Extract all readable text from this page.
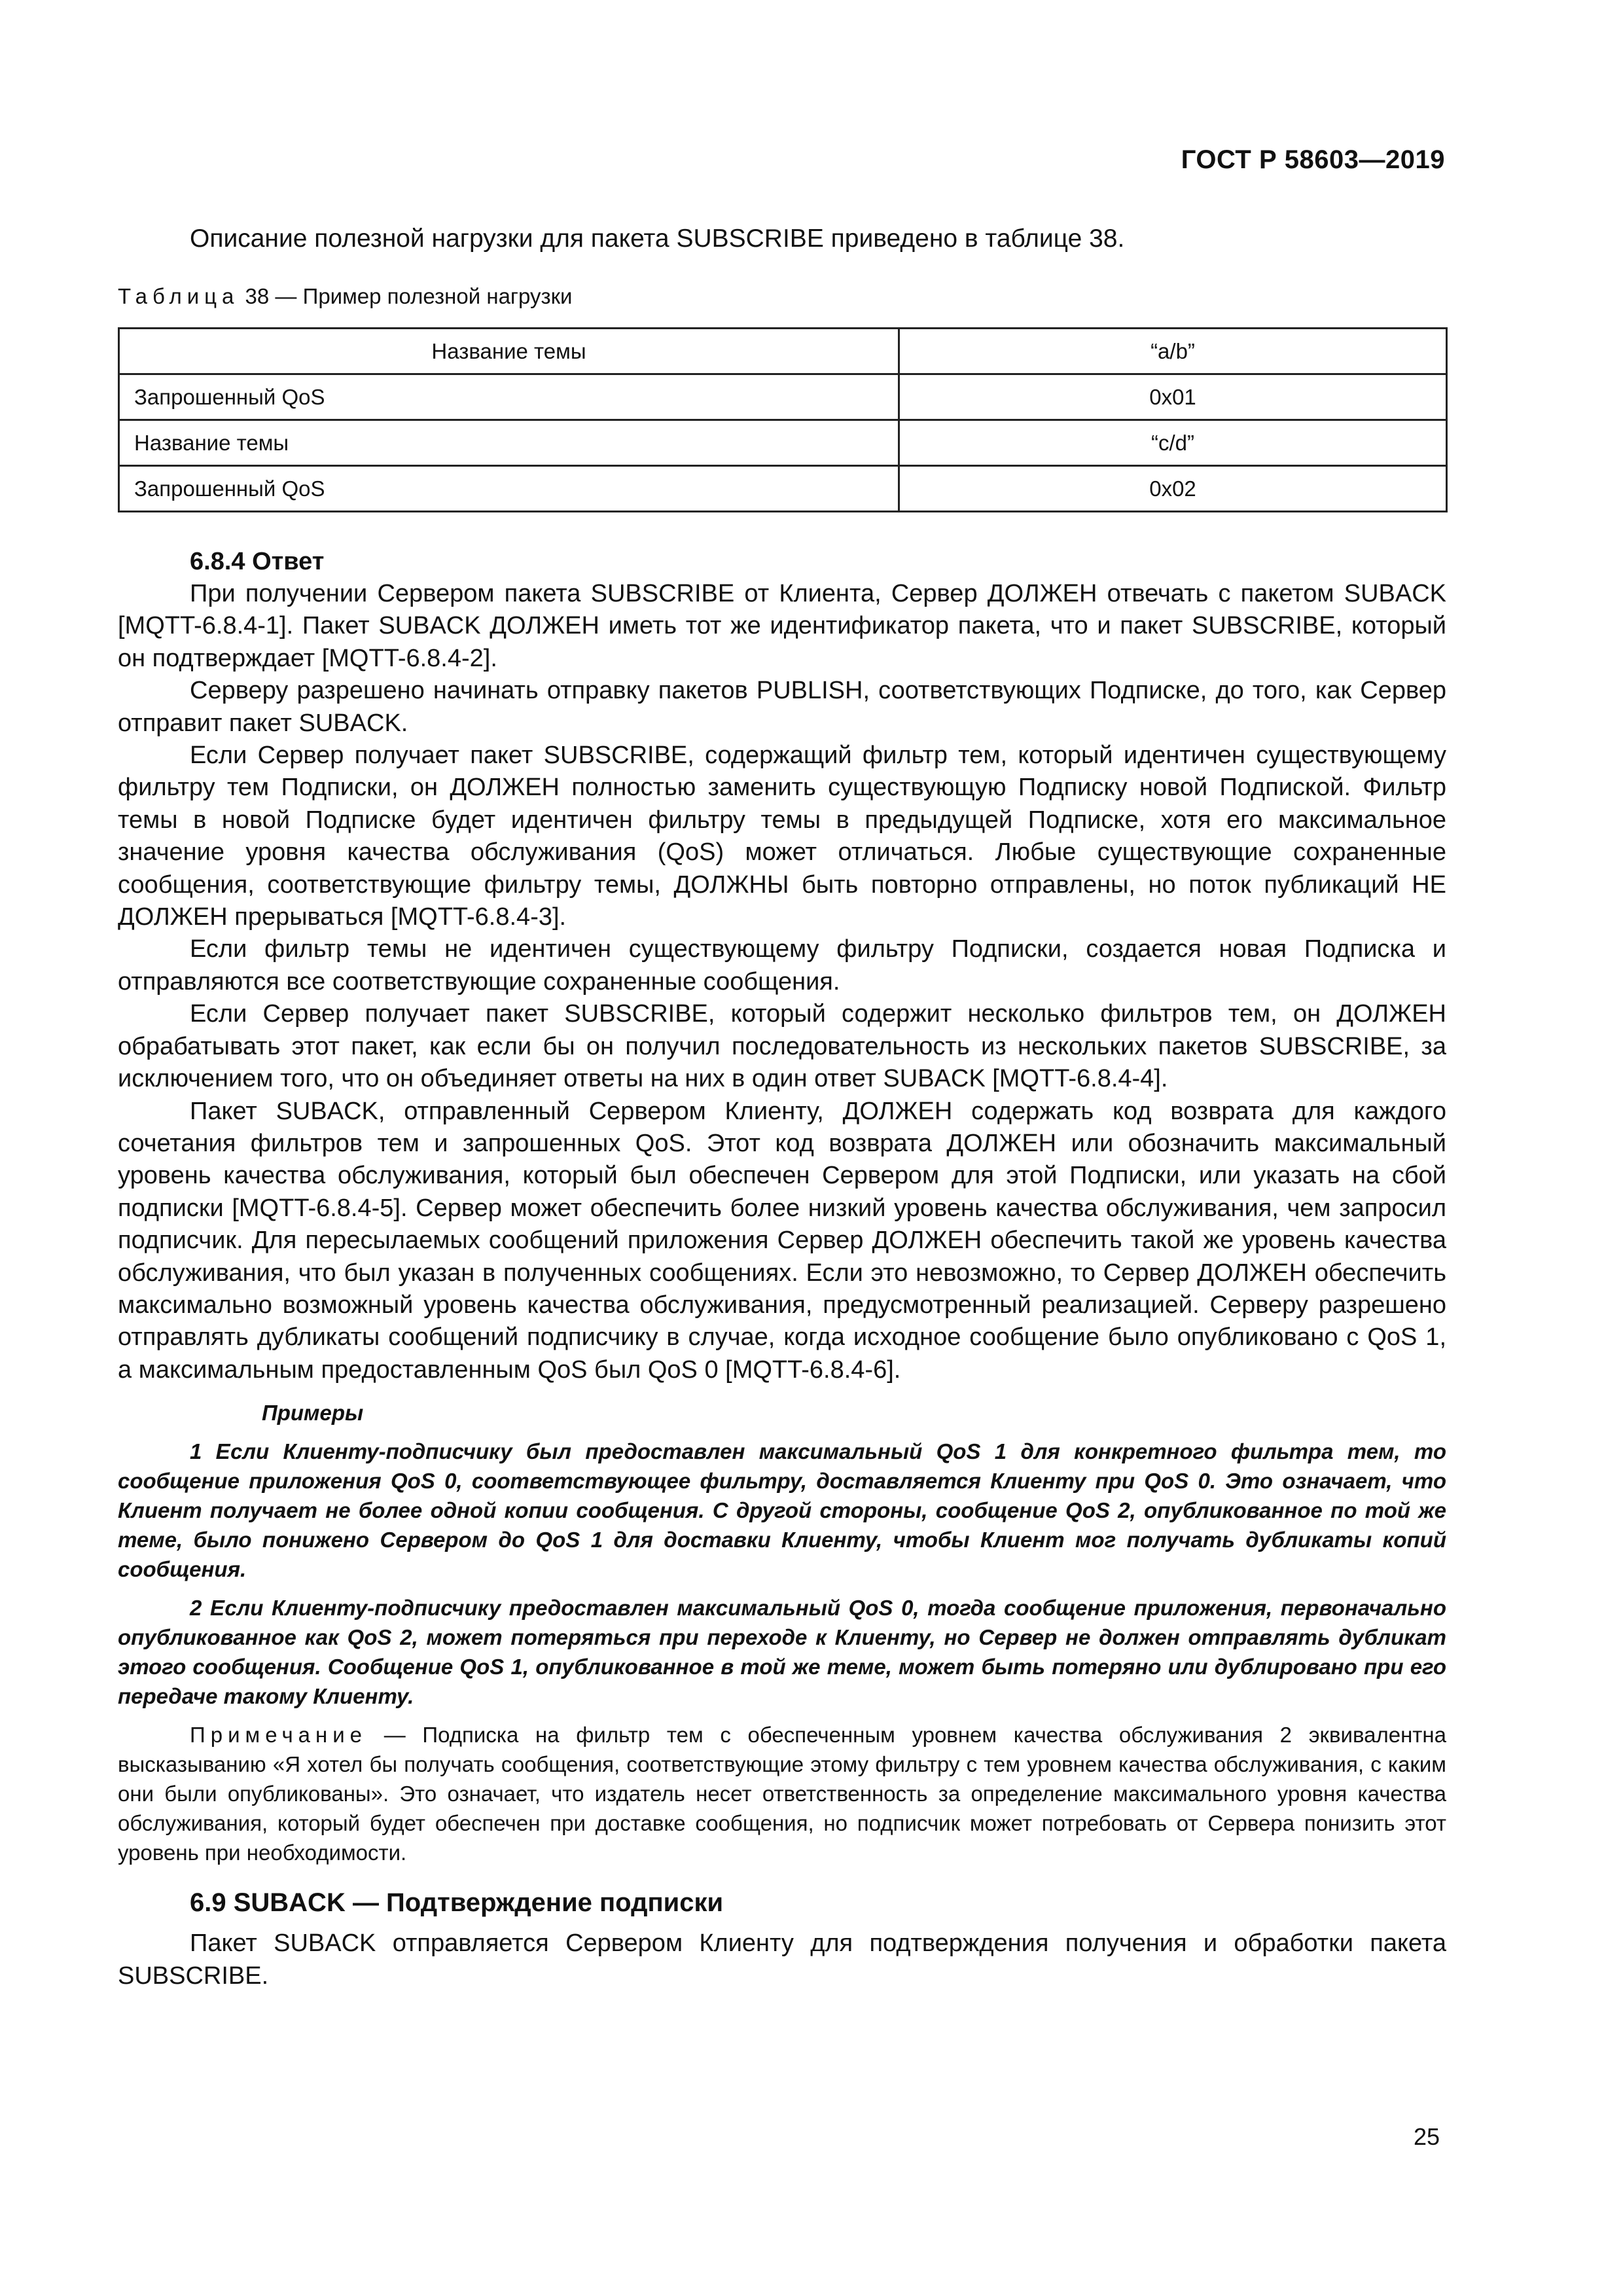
ГОСТ Р 58603—2019

Описание полезной нагрузки для пакета SUBSCRIBE приведено в таблице 38.

Таблица 38 — Пример полезной нагрузки

Название темы	“a/b”
Запрошенный QoS	0x01
Название темы	“c/d”
Запрошенный QoS	0x02
6.8.4 Ответ

При получении Сервером пакета SUBSCRIBE от Клиента, Сервер ДОЛЖЕН отвечать с пакетом SUBACK [MQTT-6.8.4-1]. Пакет SUBACK ДОЛЖЕН иметь тот же идентификатор пакета, что и пакет SUBSCRIBE, который он подтверждает [MQTT-6.8.4-2].

Серверу разрешено начинать отправку пакетов PUBLISH, соответствующих Подписке, до того, как Сервер отправит пакет SUBACK.

Если Сервер получает пакет SUBSCRIBE, содержащий фильтр тем, который идентичен существующему фильтру тем Подписки, он ДОЛЖЕН полностью заменить существующую Подписку новой Подпиской. Фильтр темы в новой Подписке будет идентичен фильтру темы в предыдущей Подписке, хотя его максимальное значение уровня качества обслуживания (QoS) может отличаться. Любые существующие сохраненные сообщения, соответствующие фильтру темы, ДОЛЖНЫ быть повторно отправлены, но поток публикаций НЕ ДОЛЖЕН прерываться [MQTT-6.8.4-3].

Если фильтр темы не идентичен существующему фильтру Подписки, создается новая Подписка и отправляются все соответствующие сохраненные сообщения.

Если Сервер получает пакет SUBSCRIBE, который содержит несколько фильтров тем, он ДОЛЖЕН обрабатывать этот пакет, как если бы он получил последовательность из нескольких пакетов SUBSCRIBE, за исключением того, что он объединяет ответы на них в один ответ SUBACK [MQTT-6.8.4-4].

Пакет SUBACK, отправленный Сервером Клиенту, ДОЛЖЕН содержать код возврата для каждого сочетания фильтров тем и запрошенных QoS. Этот код возврата ДОЛЖЕН или обозначить максимальный уровень качества обслуживания, который был обеспечен Сервером для этой Подписки, или указать на сбой подписки [MQTT-6.8.4-5]. Сервер может обеспечить более низкий уровень качества обслуживания, чем запросил подписчик. Для пересылаемых сообщений приложения Сервер ДОЛЖЕН обеспечить такой же уровень качества обслуживания, что был указан в полученных сообщениях. Если это невозможно, то Сервер ДОЛЖЕН обеспечить максимально возможный уровень качества обслуживания, предусмотренный реализацией. Серверу разрешено отправлять дубликаты сообщений подписчику в случае, когда исходное сообщение было опубликовано с QoS 1, а максимальным предоставленным QoS был QoS 0 [MQTT-6.8.4-6].

Примеры

1 Если Клиенту-подписчику был предоставлен максимальный QoS 1 для конкретного фильтра тем, то сообщение приложения QoS 0, соответствующее фильтру, доставляется Клиенту при QoS 0. Это означает, что Клиент получает не более одной копии сообщения. С другой стороны, сообщение QoS 2, опубликованное по той же теме, было понижено Сервером до QoS 1 для доставки Клиенту, чтобы Клиент мог получать дубликаты копий сообщения.

2 Если Клиенту-подписчику предоставлен максимальный QoS 0, тогда сообщение приложения, первоначально опубликованное как QoS 2, может потеряться при переходе к Клиенту, но Сервер не должен отправлять дубликат этого сообщения. Сообщение QoS 1, опубликованное в той же теме, может быть потеряно или дублировано при его передаче такому Клиенту.

Примечание — Подписка на фильтр тем с обеспеченным уровнем качества обслуживания 2 эквивалентна высказыванию «Я хотел бы получать сообщения, соответствующие этому фильтру с тем уровнем качества обслуживания, с каким они были опубликованы». Это означает, что издатель несет ответственность за определение максимального уровня качества обслуживания, который будет обеспечен при доставке сообщения, но подписчик может потребовать от Сервера понизить этот уровень при необходимости.

6.9 SUBACK — Подтверждение подписки

Пакет SUBACK отправляется Сервером Клиенту для подтверждения получения и обработки пакета SUBSCRIBE.

25
